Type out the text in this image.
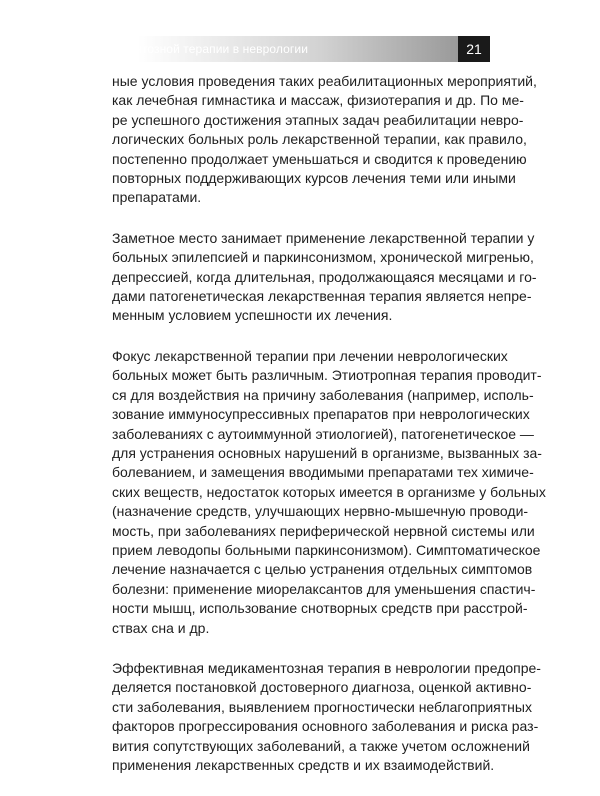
Роль медикаментозной терапии в неврологии	21

ные условия проведения таких реабилитационных мероприятий,
как лечебная гимнастика и массаж, физиотерапия и др. По ме-
ре успешного достижения этапных задач реабилитации невро-
логических больных роль лекарственной терапии, как правило,
постепенно продолжает уменьшаться и сводится к проведению
повторных поддерживающих курсов лечения теми или иными
препаратами.

Заметное место занимает применение лекарственной терапии у
больных эпилепсией и паркинсонизмом, хронической мигренью,
депрессией, когда длительная, продолжающаяся месяцами и го-
дами патогенетическая лекарственная терапия является непре-
менным условием успешности их лечения.

Фокус лекарственной терапии при лечении неврологических
больных может быть различным. Этиотропная терапия проводит-
ся для воздействия на причину заболевания (например, исполь-
зование иммуносупрессивных препаратов при неврологических
заболеваниях с аутоиммунной этиологией), патогенетическое —
для устранения основных нарушений в организме, вызванных за-
болеванием, и замещения вводимыми препаратами тех химиче-
ских веществ, недостаток которых имеется в организме у больных
(назначение средств, улучшающих нервно-мышечную проводи-
мость, при заболеваниях периферической нервной системы или
прием леводопы больными паркинсонизмом). Симптоматическое
лечение назначается с целью устранения отдельных симптомов
болезни: применение миорелаксантов для уменьшения спастич-
ности мышц, использование снотворных средств при расстрой-
ствах сна и др.

Эффективная медикаментозная терапия в неврологии предопре-
деляется постановкой достоверного диагноза, оценкой активно-
сти заболевания, выявлением прогностически неблагоприятных
факторов прогрессирования основного заболевания и риска раз-
вития сопутствующих заболеваний, а также учетом осложнений
применения лекарственных средств и их взаимодействий.
